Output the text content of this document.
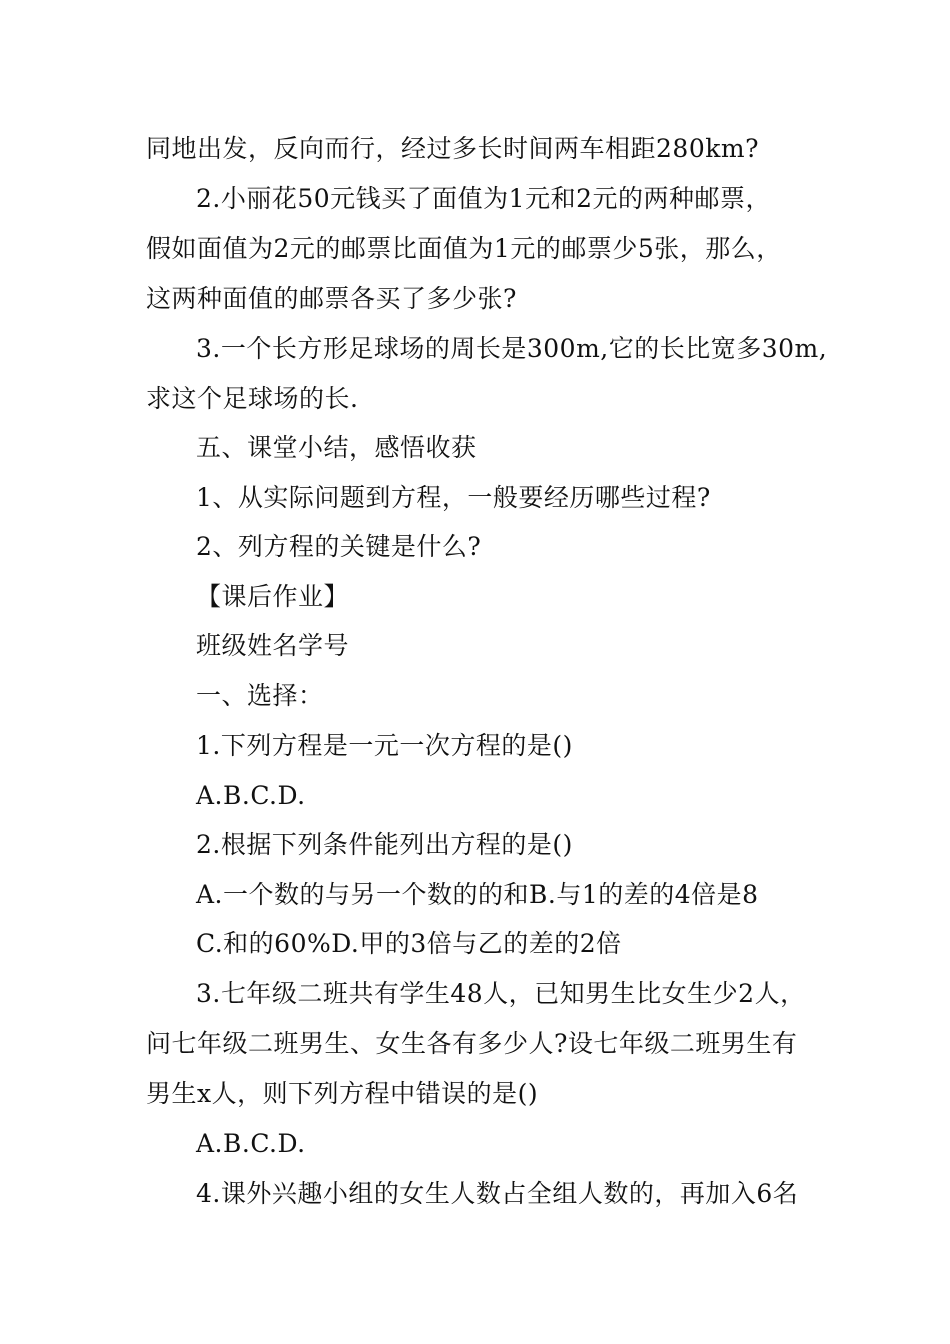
同地出发，反向而行，经过多长时间两车相距280km?
2.小丽花50元钱买了面值为1元和2元的两种邮票，
假如面值为2元的邮票比面值为1元的邮票少5张，那么，
这两种面值的邮票各买了多少张?
3.一个长方形足球场的周长是300m,它的长比宽多30m,
求这个足球场的长.
五、课堂小结，感悟收获
1、从实际问题到方程，一般要经历哪些过程?
2、列方程的关键是什么?
【课后作业】
班级姓名学号
一、选择：
1.下列方程是一元一次方程的是()
A.B.C.D.
2.根据下列条件能列出方程的是()
A.一个数的与另一个数的的和B.与1的差的4倍是8
C.和的60%D.甲的3倍与乙的差的2倍
3.七年级二班共有学生48人，已知男生比女生少2人，
问七年级二班男生、女生各有多少人?设七年级二班男生有
男生x人，则下列方程中错误的是()
A.B.C.D.
4.课外兴趣小组的女生人数占全组人数的，再加入6名
